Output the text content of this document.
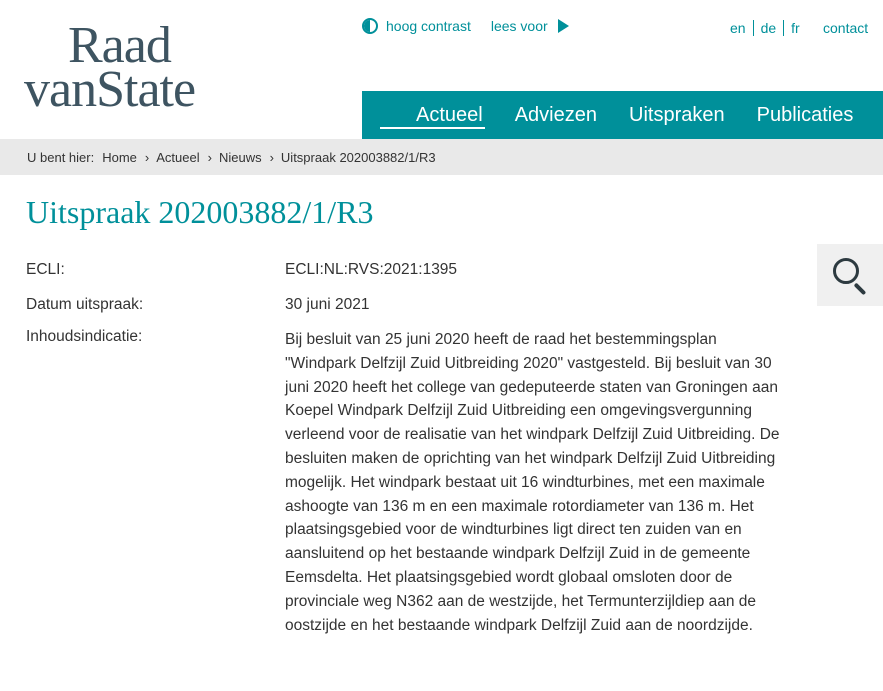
Raad
vanState
hoog contrast lees voor	en	de	fr	contact
Actueel	Adviezen	Uitspraken	Publicaties
U bent hier: Home › Actueel › Nieuws › Uitspraak 202003882/1/R3
Uitspraak 202003882/1/R3
ECLI:	ECLI:NL:RVS:2021:1395
Datum uitspraak:	30 juni 2021
Inhoudsindicatie:	Bij besluit van 25 juni 2020 heeft de raad het bestemmingsplan "Windpark Delfzijl Zuid Uitbreiding 2020" vastgesteld. Bij besluit van 30 juni 2020 heeft het college van gedeputeerde staten van Groningen aan Koepel Windpark Delfzijl Zuid Uitbreiding een omgevingsvergunning verleend voor de realisatie van het windpark Delfzijl Zuid Uitbreiding. De besluiten maken de oprichting van het windpark Delfzijl Zuid Uitbreiding mogelijk. Het windpark bestaat uit 16 windturbines, met een maximale ashoogte van 136 m en een maximale rotordiameter van 136 m. Het plaatsingsgebied voor de windturbines ligt direct ten zuiden van en aansluitend op het bestaande windpark Delfzijl Zuid in de gemeente Eemsdelta. Het plaatsingsgebied wordt globaal omsloten door de provinciale weg N362 aan de westzijde, het Termunterzijldiep aan de oostzijde en het bestaande windpark Delfzijl Zuid aan de noordzijde.
